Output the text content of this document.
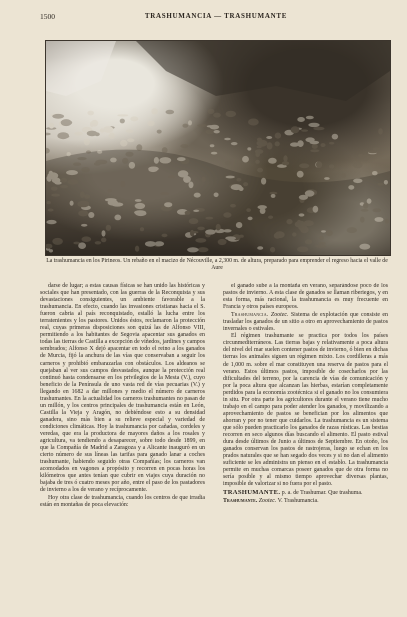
1500	TRASHUMANCIA — TRASHUMANTE

La trashumancia en los Pirineos. Un rebaño en el macizo de Nécouville, a 2,300 m. de altura, preparado para emprender el regreso hacia el valle de Aure

darse de lugar; a estas causas físicas se han unido las históricas y sociales que han presentado, con las guerras de la Reconquista y sus devastaciones consiguientes, un ambiente favorable a la trashumancia. En efecto, cuando las invasiones cristianas hacia el S. fueron cabria al país reconquistado, estalló la lucha entre los terratenientes y los pastores. Unidos éstos, reclamaron la protección real, cuyas primeras disposiciones son quizá las de Alfonso VIII, permitiendo a los habitantes de Segovia apacentar sus ganados en todas las tierras de Castilla a excepción de viñedos, jardines y campos sembrados; Alfonso X dejó apacentar en todo el reino a los ganados de Murcia, fijó la anchura de las vías que conservaban a seguir los carneros y prohibió embarazarlas con obstáculos. Los aldeanos se quejaban al ver sus campos desvastados, aunque la protección real continuó hasta condensarse en los privilegios de la Mesta (V.), cuyo beneficio de la Península de uno vasta red de vías pecuarias (V.) y llegando en 1682 a dar millones y medio el número de carneros trashumantes. En la actualidad los carneros trashumantes no pasan de un millón, y los centros principales de trashumancia están en León, Castilla la Vieja y Aragón, no debiéndose esto a su densidad ganadera, sino más bien a su relieve especial y variedad de condiciones climáticas. Hoy la trashumancia por cañadas, cordeles y veredas, que era la productora de mayores daños a los rosales y agricultura, va tendiendo a desaparecer, sobre todo desde 1899, en que la Compañía de Madrid a Zaragoza y a Alicante inauguró en un cierto número de sus líneas las tarifas para ganado lanar a coches trashumante, habiendo seguido otras Compañías; los carneros van acomodados en vagones a propósito y recorren en pocas horas los kilómetros que antes tenían que cubrir en viajes cuya duración no bajaba de tres ó cuatro meses por año, entre el paso de los pastadores de invierno a los de verano y recíprocamente.

Hoy otra clase de trashumancia, cuando los centros de que irradia están en montañas de poca elevación:

el ganado sube a la montaña en verano, separándose poco de los pastos de invierno. A esta clase de ganados se llaman riberiegos, y en esta forma, más racional, la trashumancia es muy frecuente en Francia y otros países europeos.

Trashumancia. Zootec. Sistema de explotación que consiste en trasladar los ganados de un sitio a otro en aprovechamiento de pastos invernales o estivales.

El régimen trashumante se practica por todos los países circunmediterráneos. Las tierras bajas y relativamente a poca altura del nivel del mar suelen contener pastos de invierno, ó bien en dichas tierras los animales siguen un régimen mixto. Los cordilleras a más de 1,000 m. sobre el mar constituyen una reserva de pastos para el verano. Estos últimos pastos, imposible de cosecharlos por las dificultades del terreno, por la carencia de vías de comunicación y por la poca altura que alcanzan las hierbas, estarían completamente perdidos para la economía zootécnica si el ganado no los consumiera in situ. Por otra parte los agricultores durante el verano tiene mucho trabajo en el campo para poder atender los ganados, y movilizando a aprovechamiento de pastos se benefician por los alimentos que ahorran y por no tener que cuidarlos. La trashumancia es un sistema que sólo pueden practicarlo los ganados de razas rústicas. Las bestias recorren en seco algunos días buscando el alimento. El pasto estival dura desde últimos de Junio a últimos de Septiembre. En otoño, los ganados conservan los pastos de rastrojeras, luego se echan en los prados naturales que se han segado dos veces y si no dan el alimento suficiente se les administra un pienso en el establo. La trashumancia permite en muchas comarcas poseer ganados que de otra forma no sería posible y al mismo tiempo aprovechar diversas plantas, imposible de valorizar si no fuera por el pasto.

TRASHUMANTE. p. a. de Trashumar. Que trashuma.

Trashumante. Zootec. V. Trashumancia.
